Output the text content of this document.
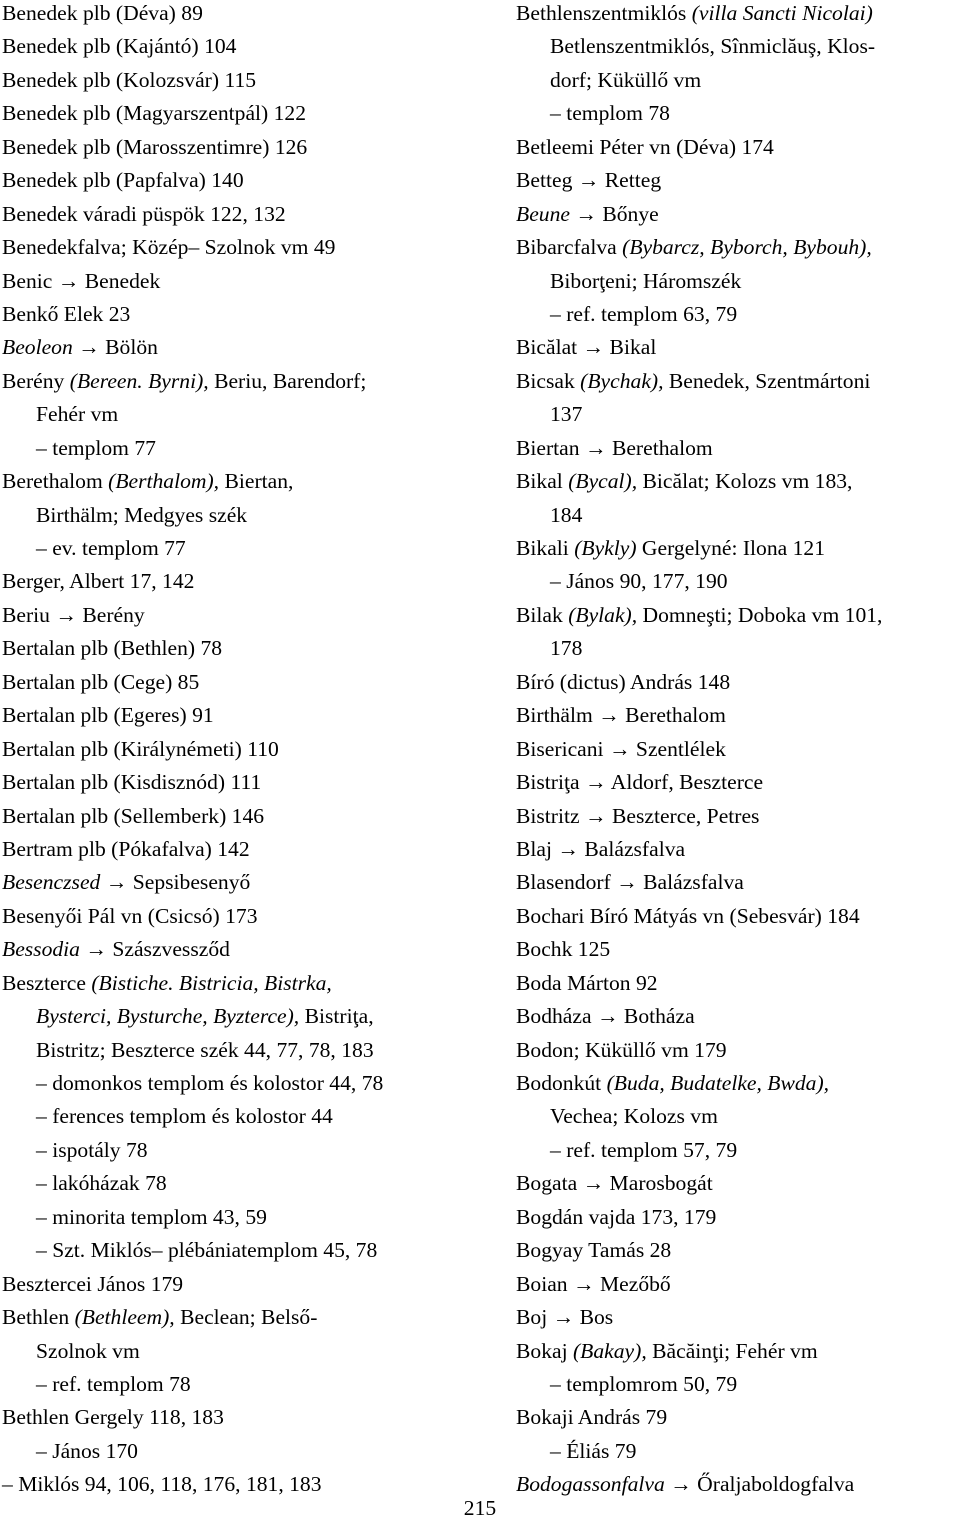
Benedek plb (Déva) 89
Benedek plb (Kajántó) 104
Benedek plb (Kolozsvár) 115
Benedek plb (Magyarszentpál) 122
Benedek plb (Marosszentimre) 126
Benedek plb (Papfalva) 140
Benedek váradi püspök 122, 132
Benedekfalva; Közép– Szolnok vm 49
Benic → Benedek
Benkő Elek 23
Beoleon → Bölön
Berény (Bereen. Byrni), Beriu, Barendorf;
Fehér vm
– templom 77
Berethalom (Berthalom), Biertan,
Birthälm; Medgyes szék
– ev. templom 77
Berger, Albert 17, 142
Beriu → Berény
Bertalan plb (Bethlen) 78
Bertalan plb (Cege) 85
Bertalan plb (Egeres) 91
Bertalan plb (Királynémeti) 110
Bertalan plb (Kisdisznód) 111
Bertalan plb (Sellemberk) 146
Bertram plb (Pókafalva) 142
Besenczsed → Sepsibesenyő
Besenyői Pál vn (Csicsó) 173
Bessodia → Szászvessződ
Beszterce (Bistiche. Bistricia, Bistrka,
Bysterci, Bysturche, Byzterce), Bistriţa,
Bistritz; Beszterce szék 44, 77, 78, 183
– domonkos templom és kolostor 44, 78
– ferences templom és kolostor 44
– ispotály 78
– lakóházak 78
– minorita templom 43, 59
– Szt. Miklós– plébániatemplom 45, 78
Besztercei János 179
Bethlen (Bethleem), Beclean; Belső-
Szolnok vm
– ref. templom 78
Bethlen Gergely 118, 183
– János 170
– Miklós 94, 106, 118, 176, 181, 183
Bethlenszentmiklós (villa Sancti Nicolai)
Betlenszentmiklós, Sînmiclăuş, Klos-
dorf; Küküllő vm
– templom 78
Betleemi Péter vn (Déva) 174
Betteg → Retteg
Beune → Bőnye
Bibarcfalva (Bybarcz, Byborch, Bybouh),
Biborţeni; Háromszék
– ref. templom 63, 79
Bicălat → Bikal
Bicsak (Bychak), Benedek, Szentmártoni
137
Biertan → Berethalom
Bikal (Bycal), Bicălat; Kolozs vm 183,
184
Bikali (Bykly) Gergelyné: Ilona 121
– János 90, 177, 190
Bilak (Bylak), Domneşti; Doboka vm 101,
178
Bíró (dictus) András 148
Birthälm → Berethalom
Bisericani → Szentlélek
Bistriţa → Aldorf, Beszterce
Bistritz → Beszterce, Petres
Blaj → Balázsfalva
Blasendorf → Balázsfalva
Bochari Bíró Mátyás vn (Sebesvár) 184
Bochk 125
Boda Márton 92
Bodháza → Botháza
Bodon; Küküllő vm 179
Bodonkút (Buda, Budatelke, Bwda),
Vechea; Kolozs vm
– ref. templom 57, 79
Bogata → Marosbogát
Bogdán vajda 173, 179
Bogyay Tamás 28
Boian → Mezőbő
Boj → Bos
Bokaj (Bakay), Băcăinţi; Fehér vm
– templomrom 50, 79
Bokaji András 79
– Éliás 79
Bodogassonfalva → Őraljaboldogfalva
215
